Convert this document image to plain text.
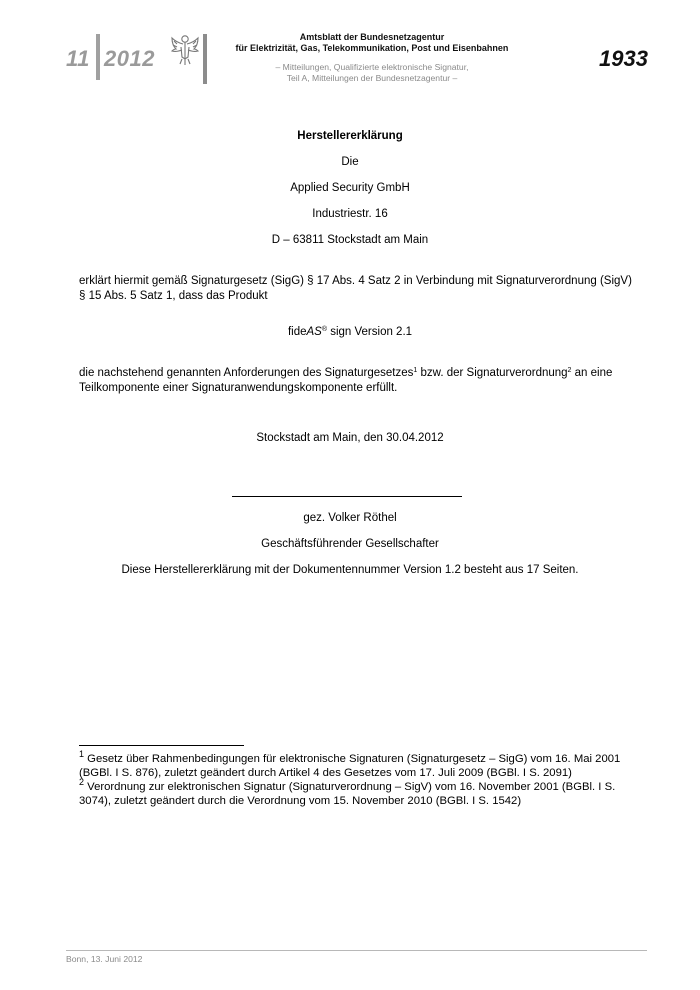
11 2012
Amtsblatt der Bundesnetzagentur
für Elektrizität, Gas, Telekommunikation, Post und Eisenbahnen
– Mitteilungen, Qualifizierte elektronische Signatur,
Teil A, Mitteilungen der Bundesnetzagentur –
1933
Herstellererklärung
Die
Applied Security GmbH
Industriestr. 16
D – 63811 Stockstadt am Main
erklärt hiermit gemäß Signaturgesetz (SigG) § 17 Abs. 4 Satz 2 in Verbindung mit Signaturverordnung (SigV) § 15 Abs. 5 Satz 1, dass das Produkt
fideAS® sign Version 2.1
die nachstehend genannten Anforderungen des Signaturgesetzes$^1$ bzw. der Signaturverordnung$^2$ an eine Teilkomponente einer Signaturanwendungskomponente erfüllt.
Stockstadt am Main, den 30.04.2012
gez. Volker Röthel
Geschäftsführender Gesellschafter
Diese Herstellererklärung mit der Dokumentennummer Version 1.2 besteht aus 17 Seiten.
$^1$ Gesetz über Rahmenbedingungen für elektronische Signaturen (Signaturgesetz – SigG) vom 16. Mai 2001 (BGBl. I S. 876), zuletzt geändert durch Artikel 4 des Gesetzes vom 17. Juli 2009 (BGBl. I S. 2091)
$^2$ Verordnung zur elektronischen Signatur (Signaturverordnung – SigV) vom 16. November 2001 (BGBl. I S. 3074), zuletzt geändert durch die Verordnung vom 15. November 2010 (BGBl. I S. 1542)
Bonn, 13. Juni 2012
